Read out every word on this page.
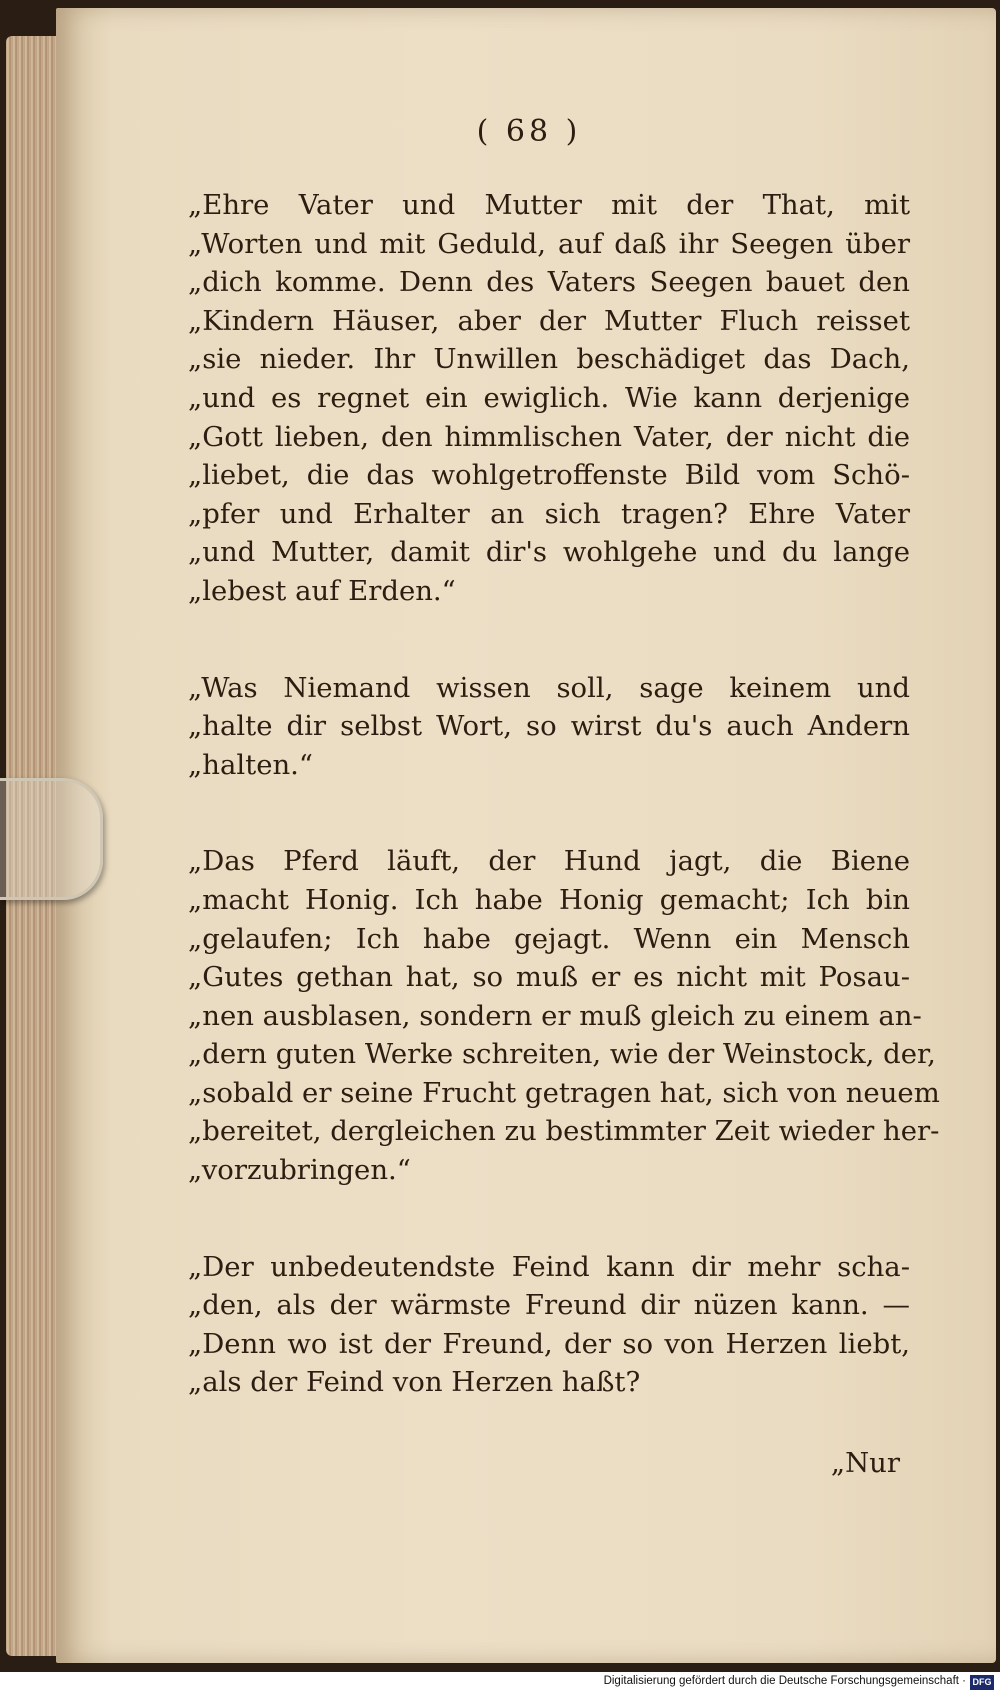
( 68 )
„Ehre Vater und Mutter mit der That, mit
„Worten und mit Geduld, auf daß ihr Seegen über
„dich komme. Denn des Vaters Seegen bauet den
„Kindern Häuser, aber der Mutter Fluch reisset
„sie nieder. Ihr Unwillen beschädiget das Dach,
„und es regnet ein ewiglich. Wie kann derjenige
„Gott lieben, den himmlischen Vater, der nicht die
„liebet, die das wohlgetroffenste Bild vom Schö-
„pfer und Erhalter an sich tragen? Ehre Vater
„und Mutter, damit dir's wohlgehe und du lange
„lebest auf Erden.“
„Was Niemand wissen soll, sage keinem und
„halte dir selbst Wort, so wirst du's auch Andern
„halten.“
„Das Pferd läuft, der Hund jagt, die Biene
„macht Honig. Ich habe Honig gemacht; Ich bin
„gelaufen; Ich habe gejagt. Wenn ein Mensch
„Gutes gethan hat, so muß er es nicht mit Posau-
„nen ausblasen, sondern er muß gleich zu einem an-
„dern guten Werke schreiten, wie der Weinstock, der,
„sobald er seine Frucht getragen hat, sich von neuem
„bereitet, dergleichen zu bestimmter Zeit wieder her-
„vorzubringen.“
„Der unbedeutendste Feind kann dir mehr scha-
„den, als der wärmste Freund dir nüzen kann. —
„Denn wo ist der Freund, der so von Herzen liebt,
„als der Feind von Herzen haßt?
„Nur
Digitalisierung gefördert durch die Deutsche Forschungsgemeinschaft · DFG
